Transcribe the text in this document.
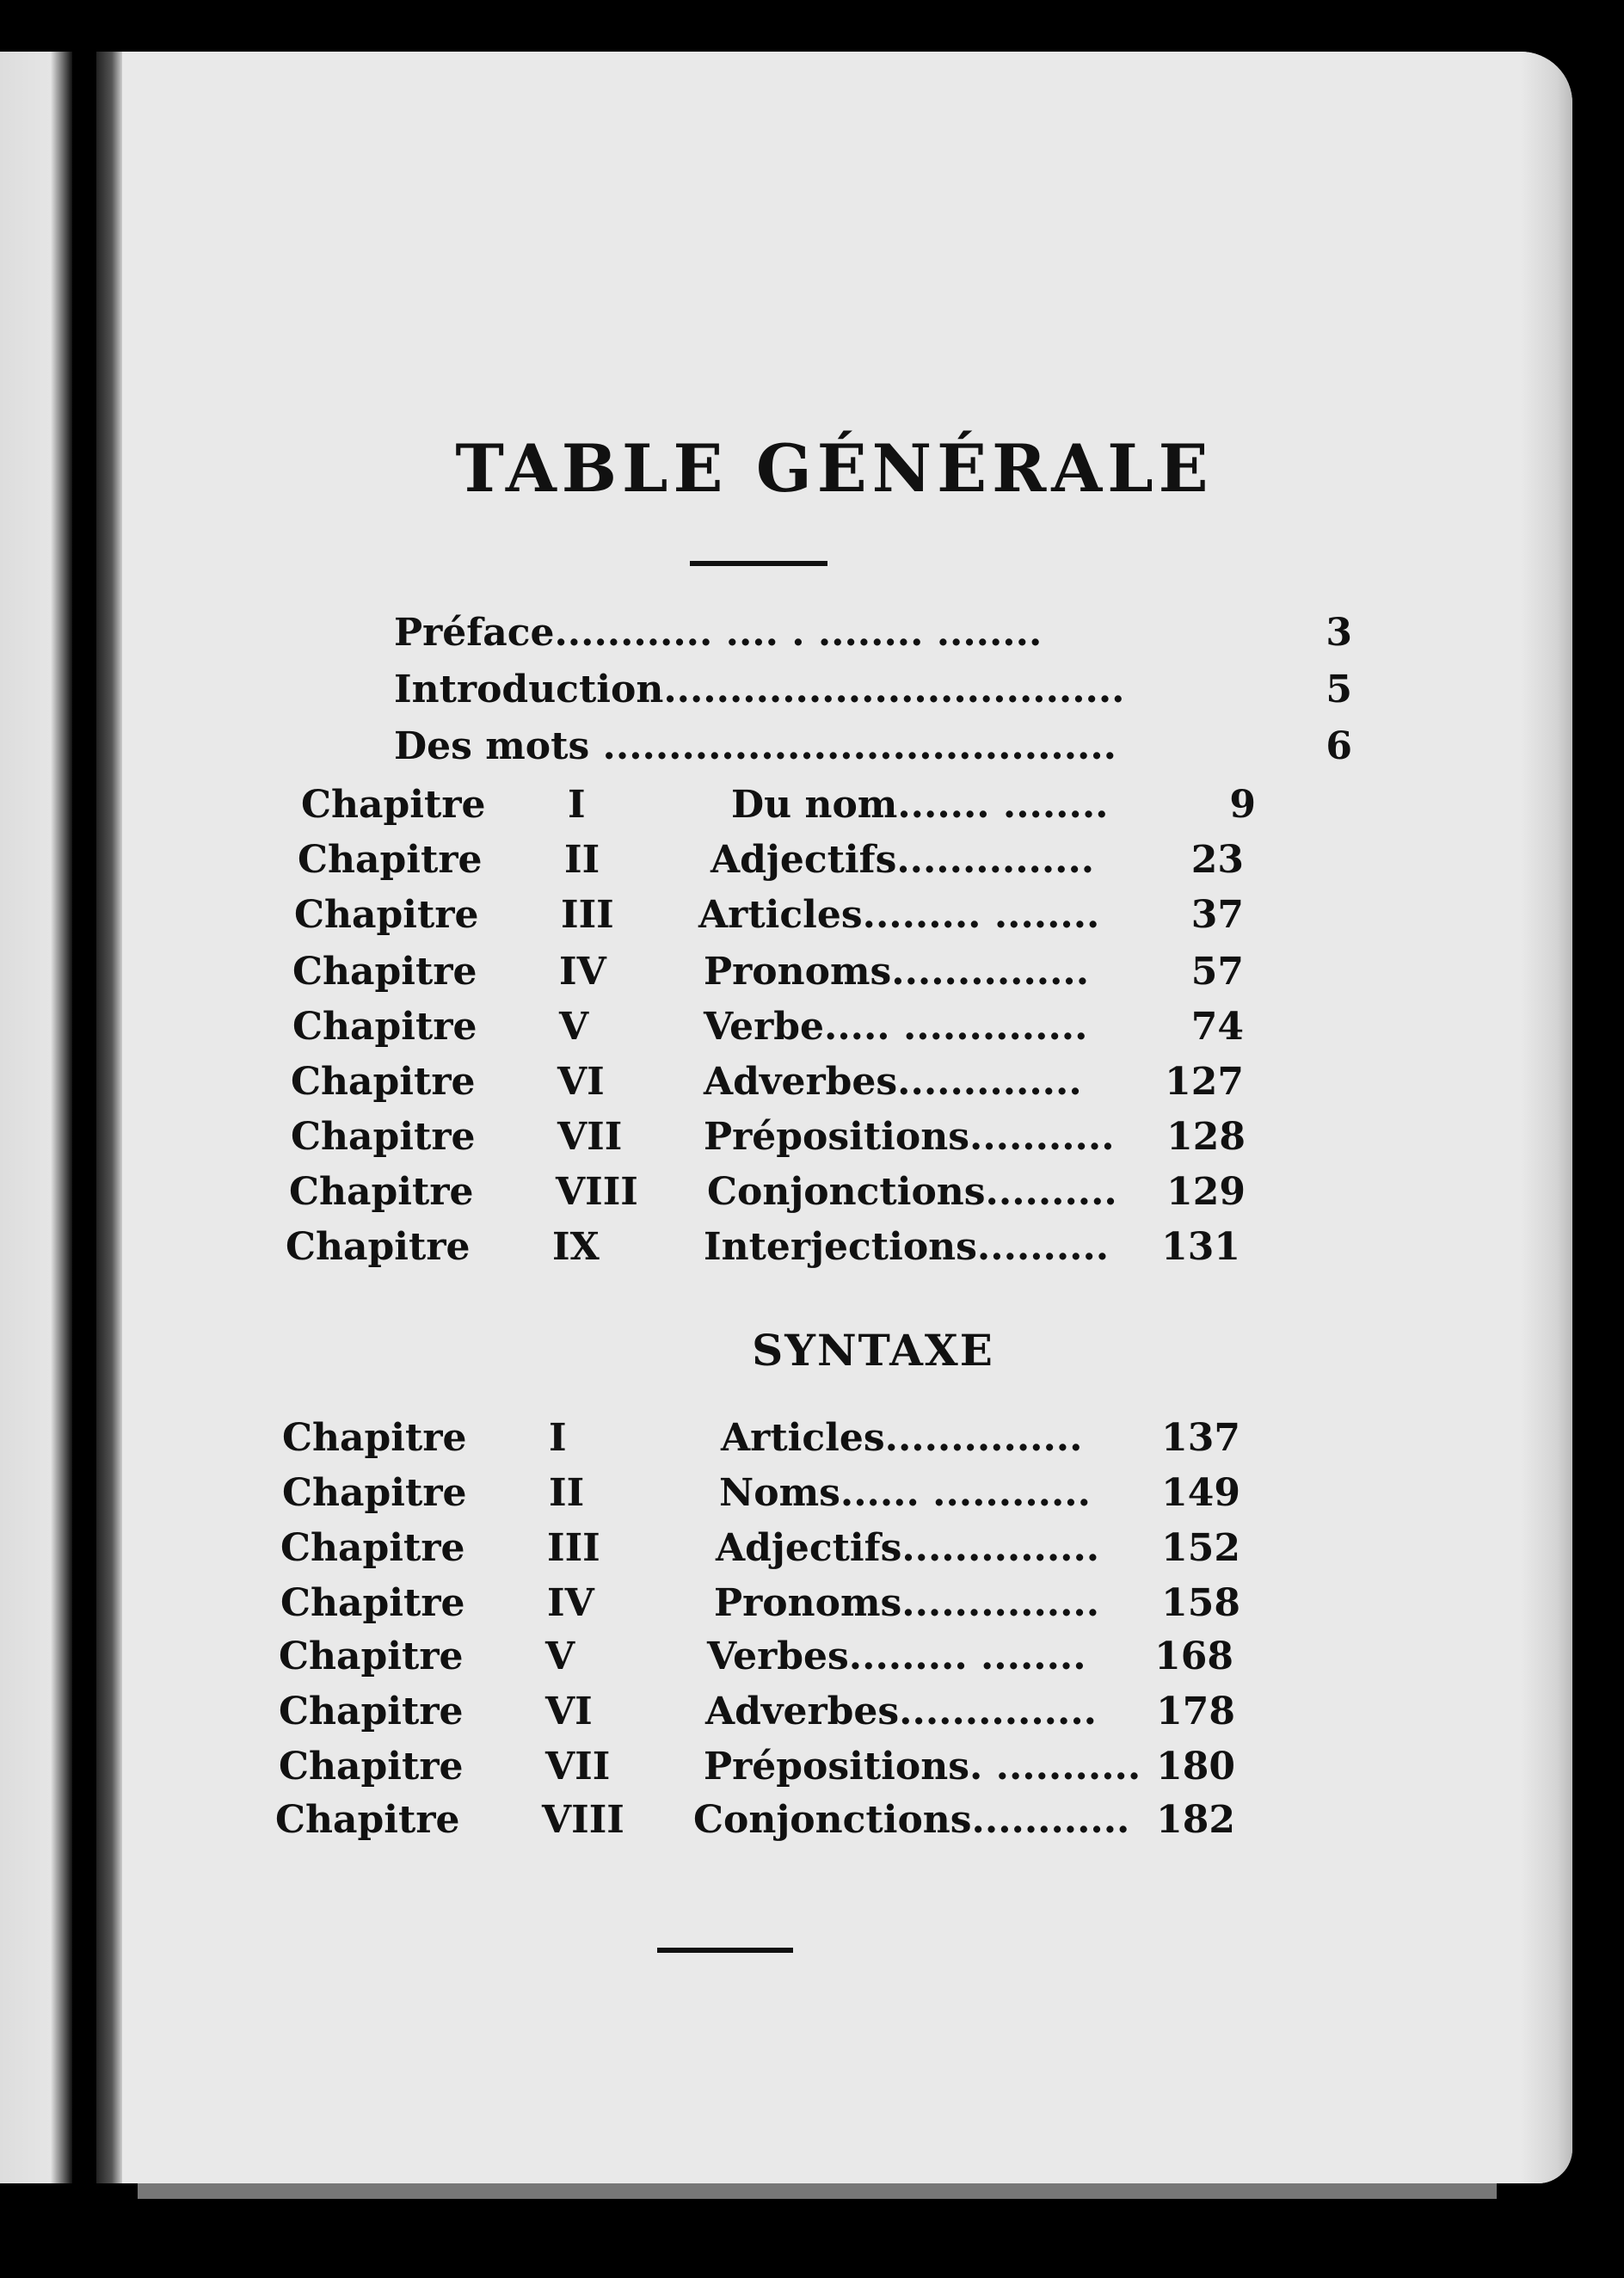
TABLE GÉNÉRALE
Préface............ .... . ........ ........	3
Introduction...................................	5
Des mots .......................................	6
Chapitre I	Du nom....... ........	9
Chapitre II	Adjectifs...............	23
Chapitre III Articles......... ........	37
Chapitre IV	Pronoms...............	57
Chapitre V	Verbe..... ..............	74
Chapitre VI	Adverbes.............. 127
Chapitre VII Prépositions........... 128
Chapitre VIII Conjonctions.......... 129
Chapitre IX	Interjections.......... 131
SYNTAXE
Chapitre I	Articles............... 137
Chapitre II	Noms...... ............ 149
Chapitre III	Adjectifs............... 152
Chapitre IV	Pronoms............... 158
Chapitre V	Verbes......... ........ 168
Chapitre VI	Adverbes............... 178
Chapitre VII Prépositions. ........... 180
Chapitre VIII Conjonctions............ 182
